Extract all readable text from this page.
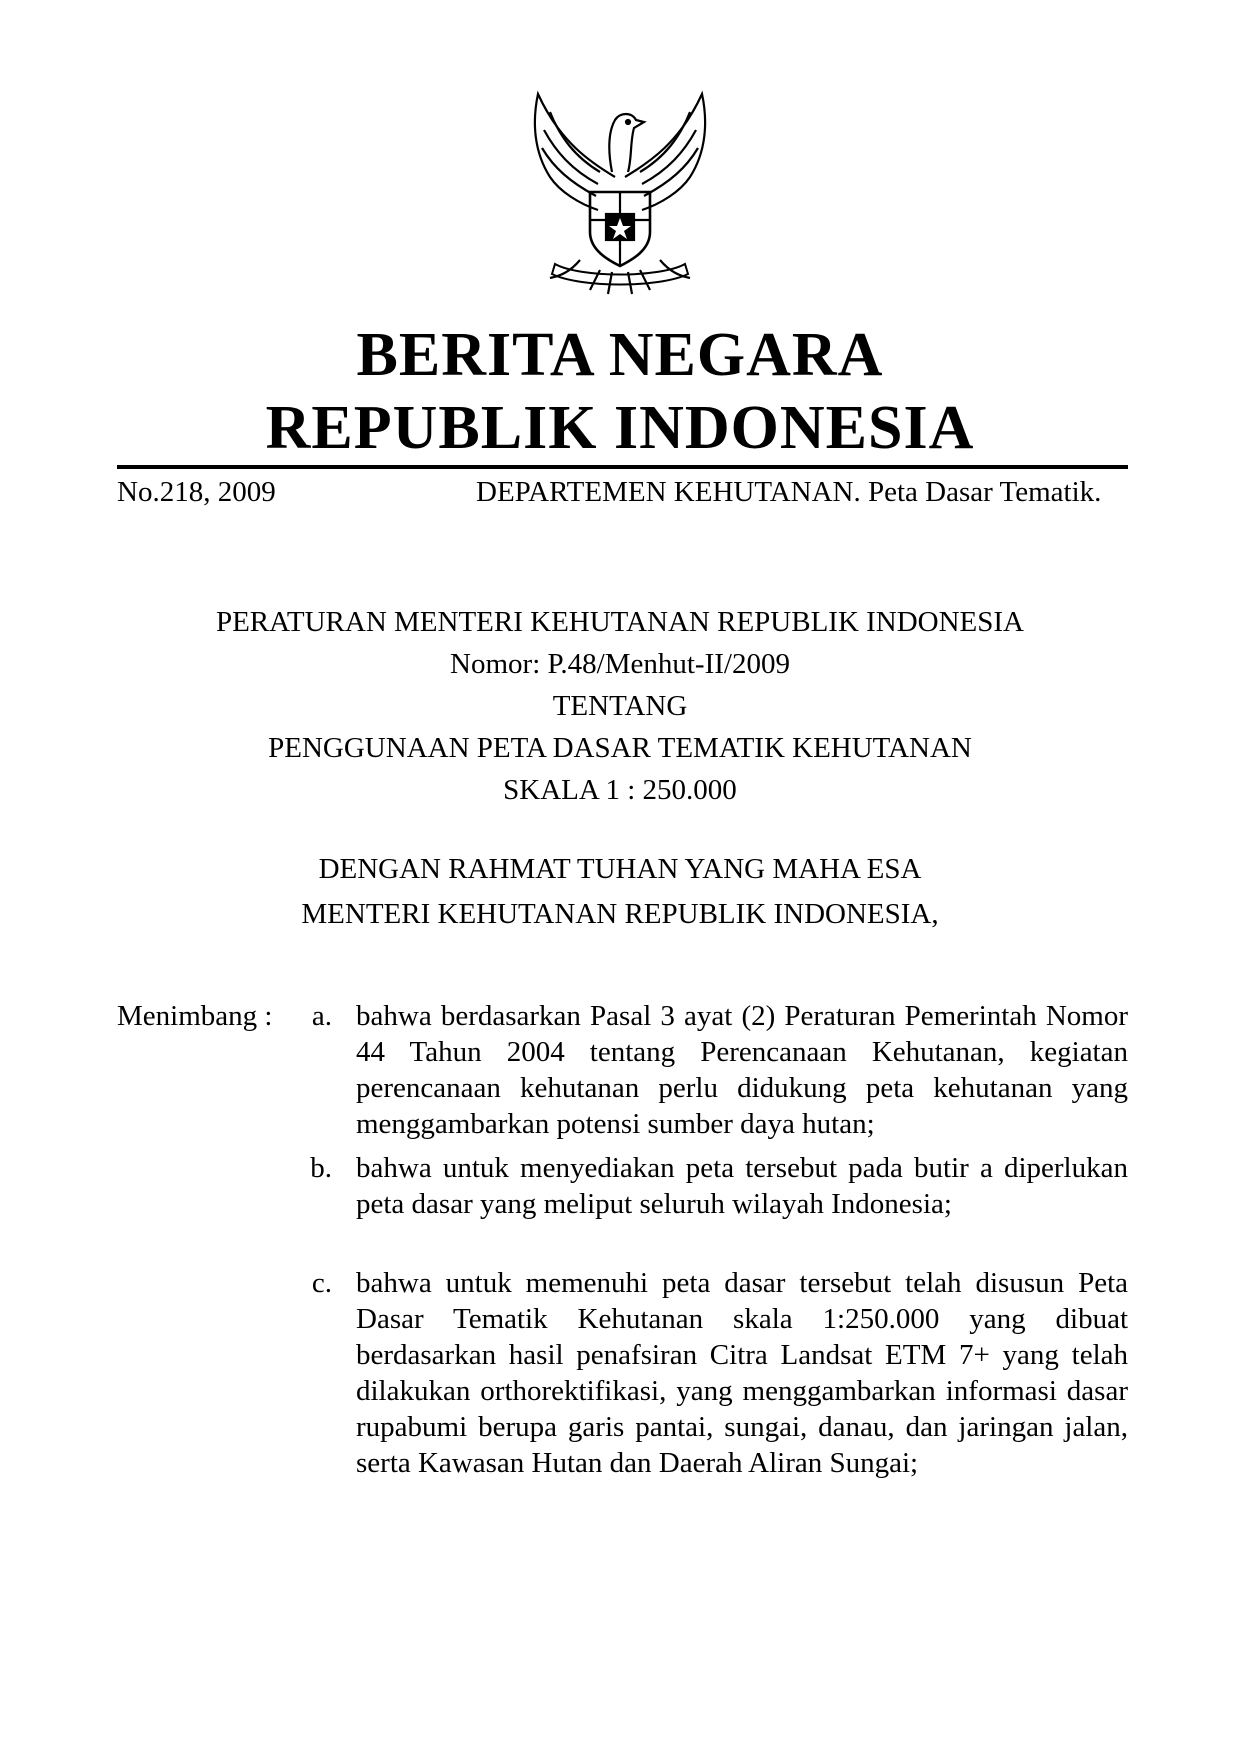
BERITA NEGARA
REPUBLIK INDONESIA
No.218, 2009	DEPARTEMEN KEHUTANAN. Peta Dasar Tematik.
PERATURAN MENTERI KEHUTANAN REPUBLIK INDONESIA
Nomor: P.48/Menhut-II/2009
TENTANG
PENGGUNAAN PETA DASAR TEMATIK KEHUTANAN
SKALA 1 : 250.000
DENGAN RAHMAT TUHAN YANG MAHA ESA
MENTERI KEHUTANAN REPUBLIK INDONESIA,
Menimbang :	a. bahwa berdasarkan Pasal 3 ayat (2) Peraturan Pemerintah Nomor 44 Tahun 2004 tentang Perencanaan Kehutanan, kegiatan perencanaan kehutanan perlu didukung peta kehutanan yang menggambarkan potensi sumber daya hutan;
b. bahwa untuk menyediakan peta tersebut pada butir a diperlukan peta dasar yang meliput seluruh wilayah Indonesia;
c. bahwa untuk memenuhi peta dasar tersebut telah disusun Peta Dasar Tematik Kehutanan skala 1:250.000 yang dibuat berdasarkan hasil penafsiran Citra Landsat ETM 7+ yang telah dilakukan orthorektifikasi, yang menggambarkan informasi dasar rupabumi berupa garis pantai, sungai, danau, dan jaringan jalan, serta Kawasan Hutan dan Daerah Aliran Sungai;
